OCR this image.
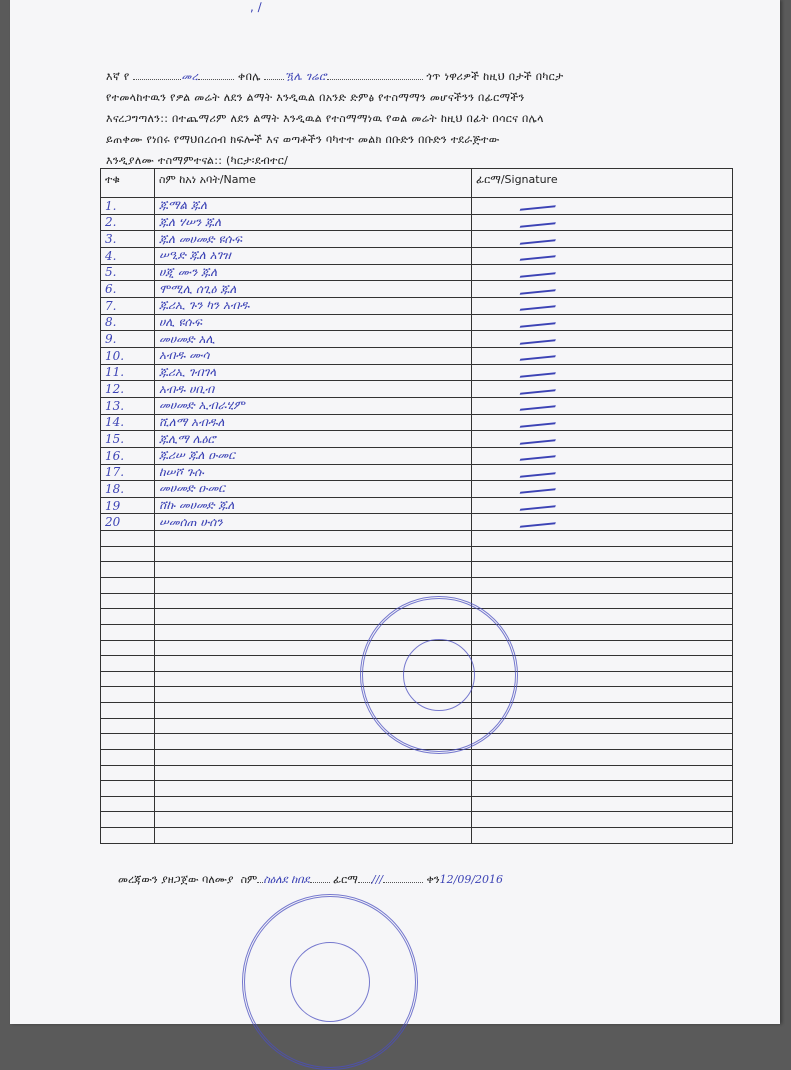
, ∕
እኛ የ	መረ	ቀበሌ ዃሌ ገሬሮ	ጎጥ ነዋሪዎች ከዚህ በታች በካርታ
የተመላከተዉን የዎል መሬት ለደን ልማት እንዲዉል በአንድ ድምፅ የተስማማን መሆናችንን በፊርማችን
እናረጋግጣለን:: በተጨማሪም ለደን ልማት እንዲዉል የተስማማነዉ የወል መሬት ከዚህ በፊት በሳርና በሌላ
ይጠቀሙ የነበሩ የማህበረሰብ ክፍሎች እና ወጣቶችን ባካተተ መልክ በቡድን በቡድን ተደራጅተው
እንዲያለሙ ተስማምተናል:: (ካርታ፡ደብተር/
ተቁ	ስም ከአነ አባት/Name	ፊርማ/Signature
1.	ጁማል ጁለ	
2.	ጁለ ሃሠን ጁለ	
3.	ጁለ መሀመድ ዩሱፍ	
4.	ሠዒድ ጁለ አገዝ	
5.	ሀጂ ሙን ጁለ	
6.	ሞሚሊ ሰጊዕ ጁለ	
7.	ጁሪኢ ጉን ካን አብዱ	
8.	ሀሊ ዩሱፍ	
9.	መሀመድ አሊ	
10.	አብዱ ሙሳ	
11.	ጁሪኢ ገብገላ	
12.	አብዱ ሀቢብ	
13.	መሀመድ ኢብራሂም	
14.	ሺለማ አብዱለ	
15.	ጁሊማ ሌዕሮ	
16.	ጁሪሠ ጁለ ዑመር	
17.	ከሠሾ ጉሱ	
18.	መሀመድ ዑመር	
19	ሸኩ መሀመድ ጁለ	
20	ሠመሰጠ ሁሰን	

መረጃውን ያዘጋጀው ባለሙያ ስም ስዕለደ ከበደ ፊርማ ∕∕∕	ቀን12/09/2016
